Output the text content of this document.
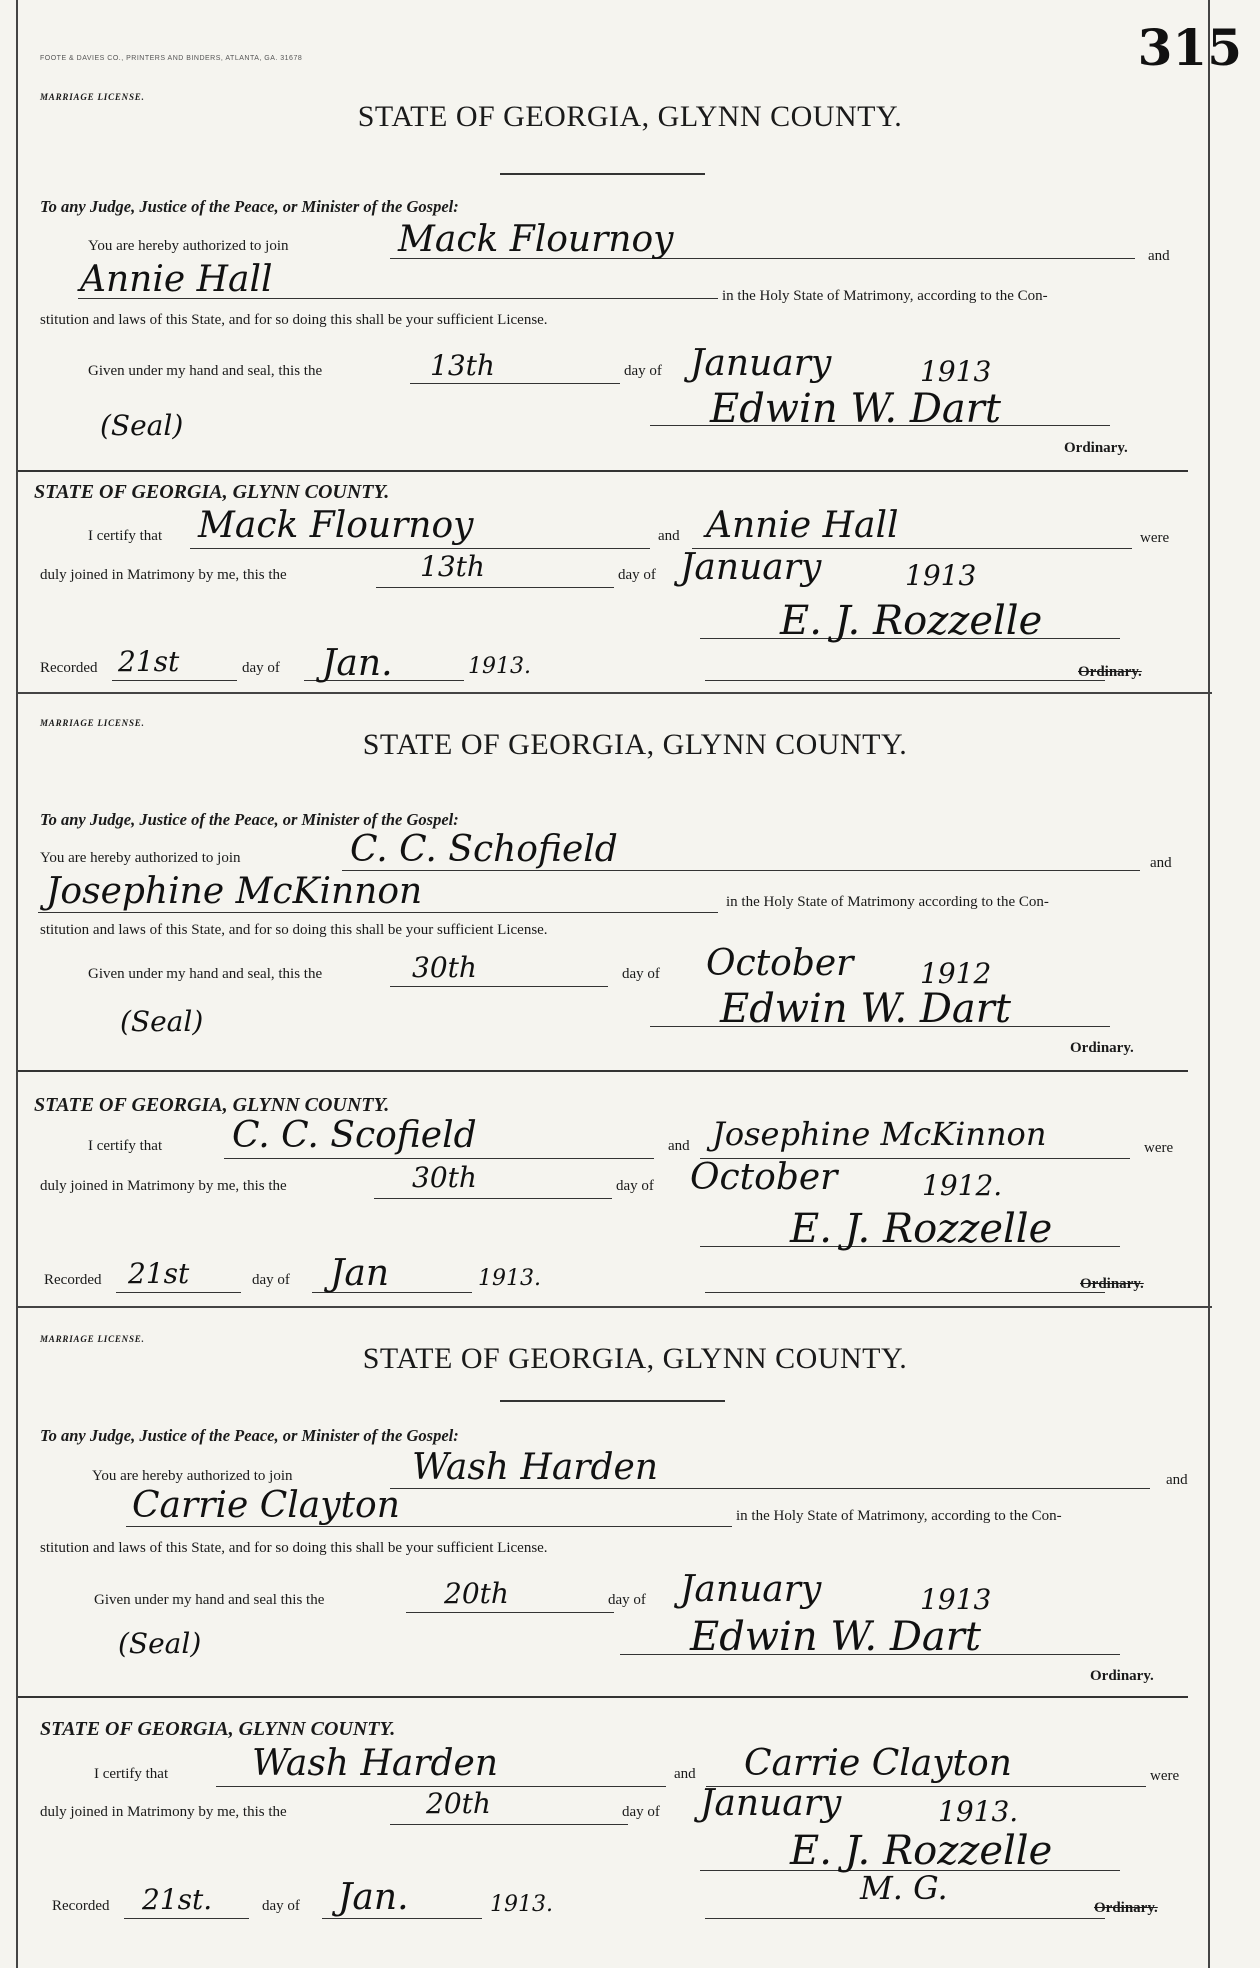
FOOTE & DAVIES CO., PRINTERS AND BINDERS, ATLANTA, GA. 31678	315
MARRIAGE LICENSE.
STATE OF GEORGIA, GLYNN COUNTY.
To any Judge, Justice of the Peace, or Minister of the Gospel:
You are hereby authorized to join	Mack Flournoy	and
Annie Hall	in the Holy State of Matrimony, according to the Con-
stitution and laws of this State, and for so doing this shall be your sufficient License.
Given under my hand and seal, this the	13th	day of January	1913
(Seal)	Edwin W. Dart
Ordinary.
STATE OF GEORGIA, GLYNN COUNTY.
I certify that Mack Flournoy	and Annie Hall	were
duly joined in Matrimony by me, this the	13th	day of January	1913
E. J. Rozzelle
Recorded 21st	day of Jan.	1913.	Ordinary.
MARRIAGE LICENSE.
STATE OF GEORGIA, GLYNN COUNTY.
To any Judge, Justice of the Peace, or Minister of the Gospel:
You are hereby authorized to join	C. C. Schofield	and
Josephine McKinnon	in the Holy State of Matrimony according to the Con-
stitution and laws of this State, and for so doing this shall be your sufficient License.
Given under my hand and seal, this the	30th	day of October 1912
(Seal)	Edwin W. Dart
Ordinary.
STATE OF GEORGIA, GLYNN COUNTY.
I certify that C. C. Scofield	and Josephine McKinnon	were
duly joined in Matrimony by me, this the	30th	day of October	1912.
E. J. Rozzelle
Recorded 21st	day of Jan	1913.	Ordinary.
MARRIAGE LICENSE.
STATE OF GEORGIA, GLYNN COUNTY.
To any Judge, Justice of the Peace, or Minister of the Gospel:
You are hereby authorized to join	Wash Harden	and
Carrie Clayton	in the Holy State of Matrimony, according to the Con-
stitution and laws of this State, and for so doing this shall be your sufficient License.
Given under my hand and seal this the	20th	day of January	1913
(Seal)	Edwin W. Dart
Ordinary.
STATE OF GEORGIA, GLYNN COUNTY.
I certify that Wash Harden	and Carrie Clayton	were
duly joined in Matrimony by me, this the	20th	day of January	1913.
E. J. Rozzelle
M. G.
Recorded 21st.	day of Jan.	1913.	Ordinary.
